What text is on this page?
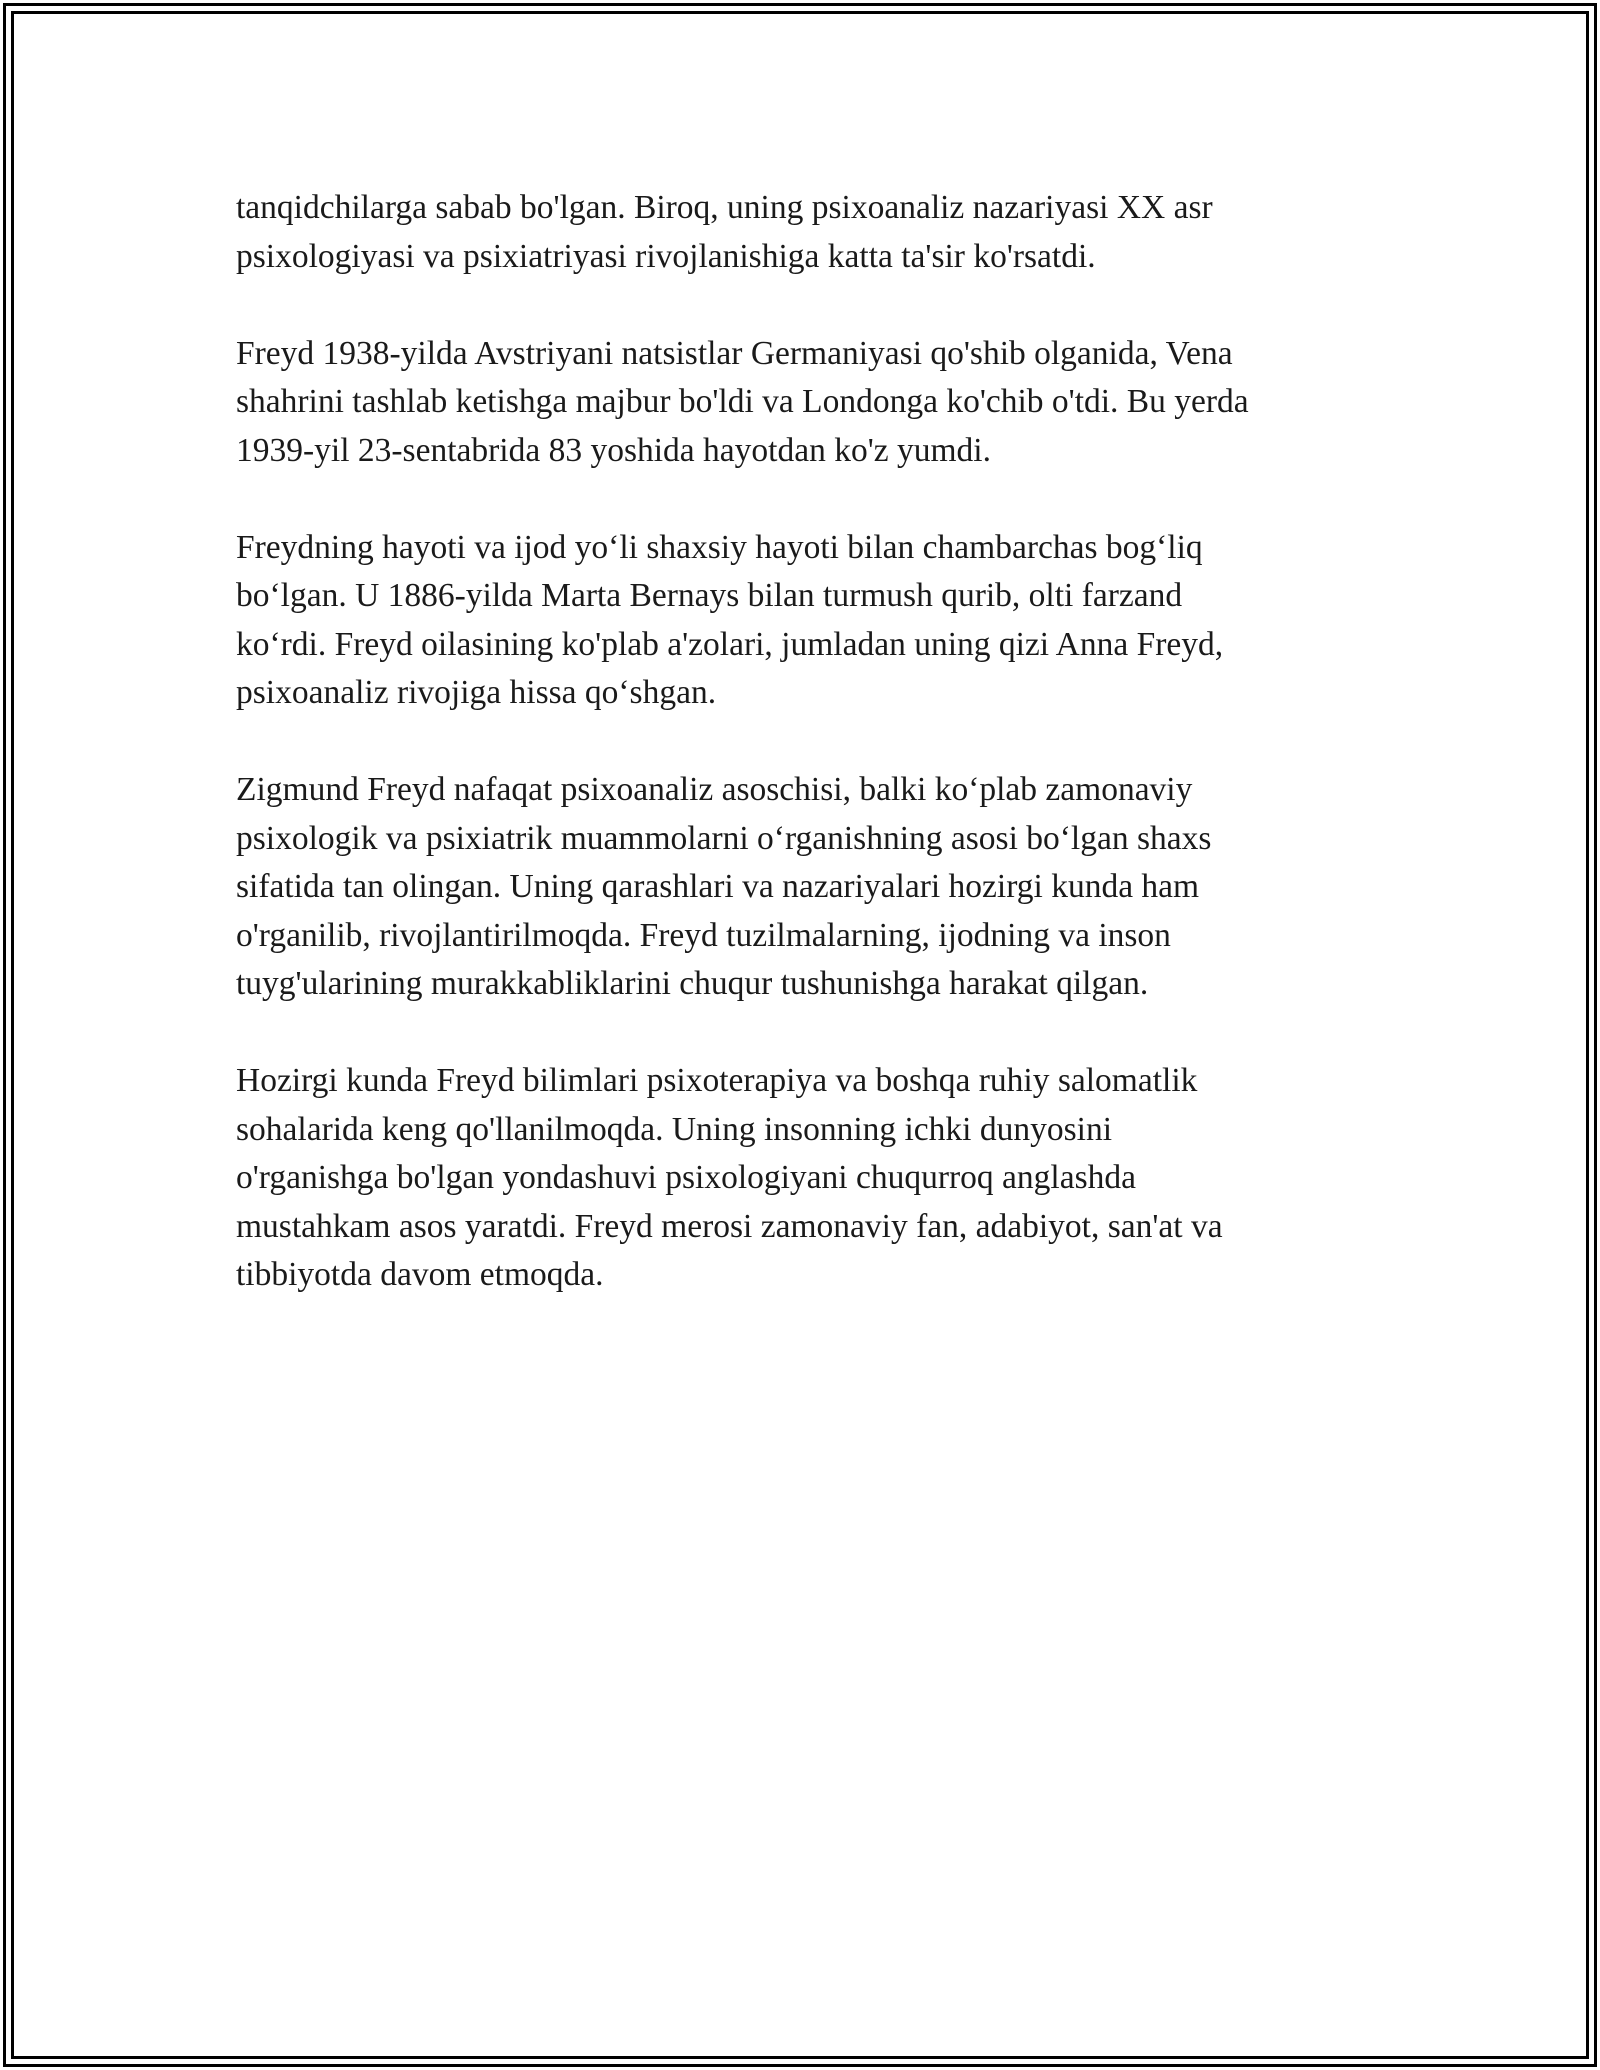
tanqidchilarga sabab bo'lgan. Biroq, uning psixoanaliz nazariyasi XX asr
psixologiyasi va psixiatriyasi rivojlanishiga katta ta'sir ko'rsatdi.

Freyd 1938-yilda Avstriyani natsistlar Germaniyasi qo'shib olganida, Vena
shahrini tashlab ketishga majbur bo'ldi va Londonga ko'chib o'tdi. Bu yerda
1939-yil 23-sentabrida 83 yoshida hayotdan ko'z yumdi.

Freydning hayoti va ijod yo‘li shaxsiy hayoti bilan chambarchas bog‘liq
bo‘lgan. U 1886-yilda Marta Bernays bilan turmush qurib, olti farzand
ko‘rdi. Freyd oilasining ko'plab a'zolari, jumladan uning qizi Anna Freyd,
psixoanaliz rivojiga hissa qo‘shgan.

Zigmund Freyd nafaqat psixoanaliz asoschisi, balki ko‘plab zamonaviy
psixologik va psixiatrik muammolarni o‘rganishning asosi bo‘lgan shaxs
sifatida tan olingan. Uning qarashlari va nazariyalari hozirgi kunda ham
o'rganilib, rivojlantirilmoqda. Freyd tuzilmalarning, ijodning va inson
tuyg'ularining murakkabliklarini chuqur tushunishga harakat qilgan.

Hozirgi kunda Freyd bilimlari psixoterapiya va boshqa ruhiy salomatlik
sohalarida keng qo'llanilmoqda. Uning insonning ichki dunyosini
o'rganishga bo'lgan yondashuvi psixologiyani chuqurroq anglashda
mustahkam asos yaratdi. Freyd merosi zamonaviy fan, adabiyot, san'at va
tibbiyotda davom etmoqda.
